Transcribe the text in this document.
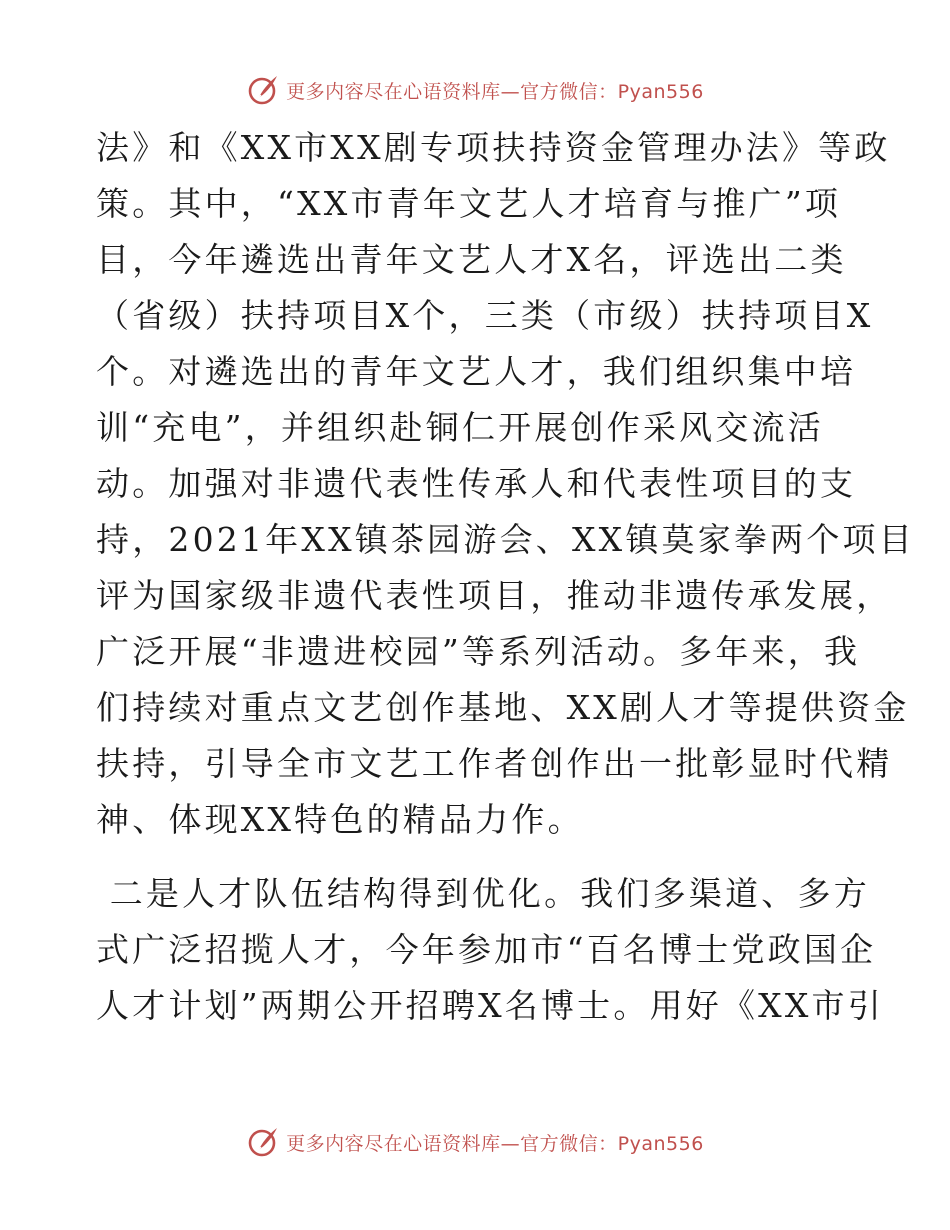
更多内容尽在心语资料库—官方微信：Pyan556
法》和《XX市XX剧专项扶持资金管理办法》等政
策。其中，“XX市青年文艺人才培育与推广”项
目，今年遴选出青年文艺人才X名，评选出二类
（省级）扶持项目X个，三类（市级）扶持项目X
个。对遴选出的青年文艺人才，我们组织集中培
训“充电”，并组织赴铜仁开展创作采风交流活
动。加强对非遗代表性传承人和代表性项目的支
持，2021年XX镇茶园游会、XX镇莫家拳两个项目
评为国家级非遗代表性项目，推动非遗传承发展，
广泛开展“非遗进校园”等系列活动。多年来，我
们持续对重点文艺创作基地、XX剧人才等提供资金
扶持，引导全市文艺工作者创作出一批彰显时代精
神、体现XX特色的精品力作。
二是人才队伍结构得到优化。我们多渠道、多方
式广泛招揽人才，今年参加市“百名博士党政国企
人才计划”两期公开招聘X名博士。用好《XX市引
更多内容尽在心语资料库—官方微信：Pyan556
